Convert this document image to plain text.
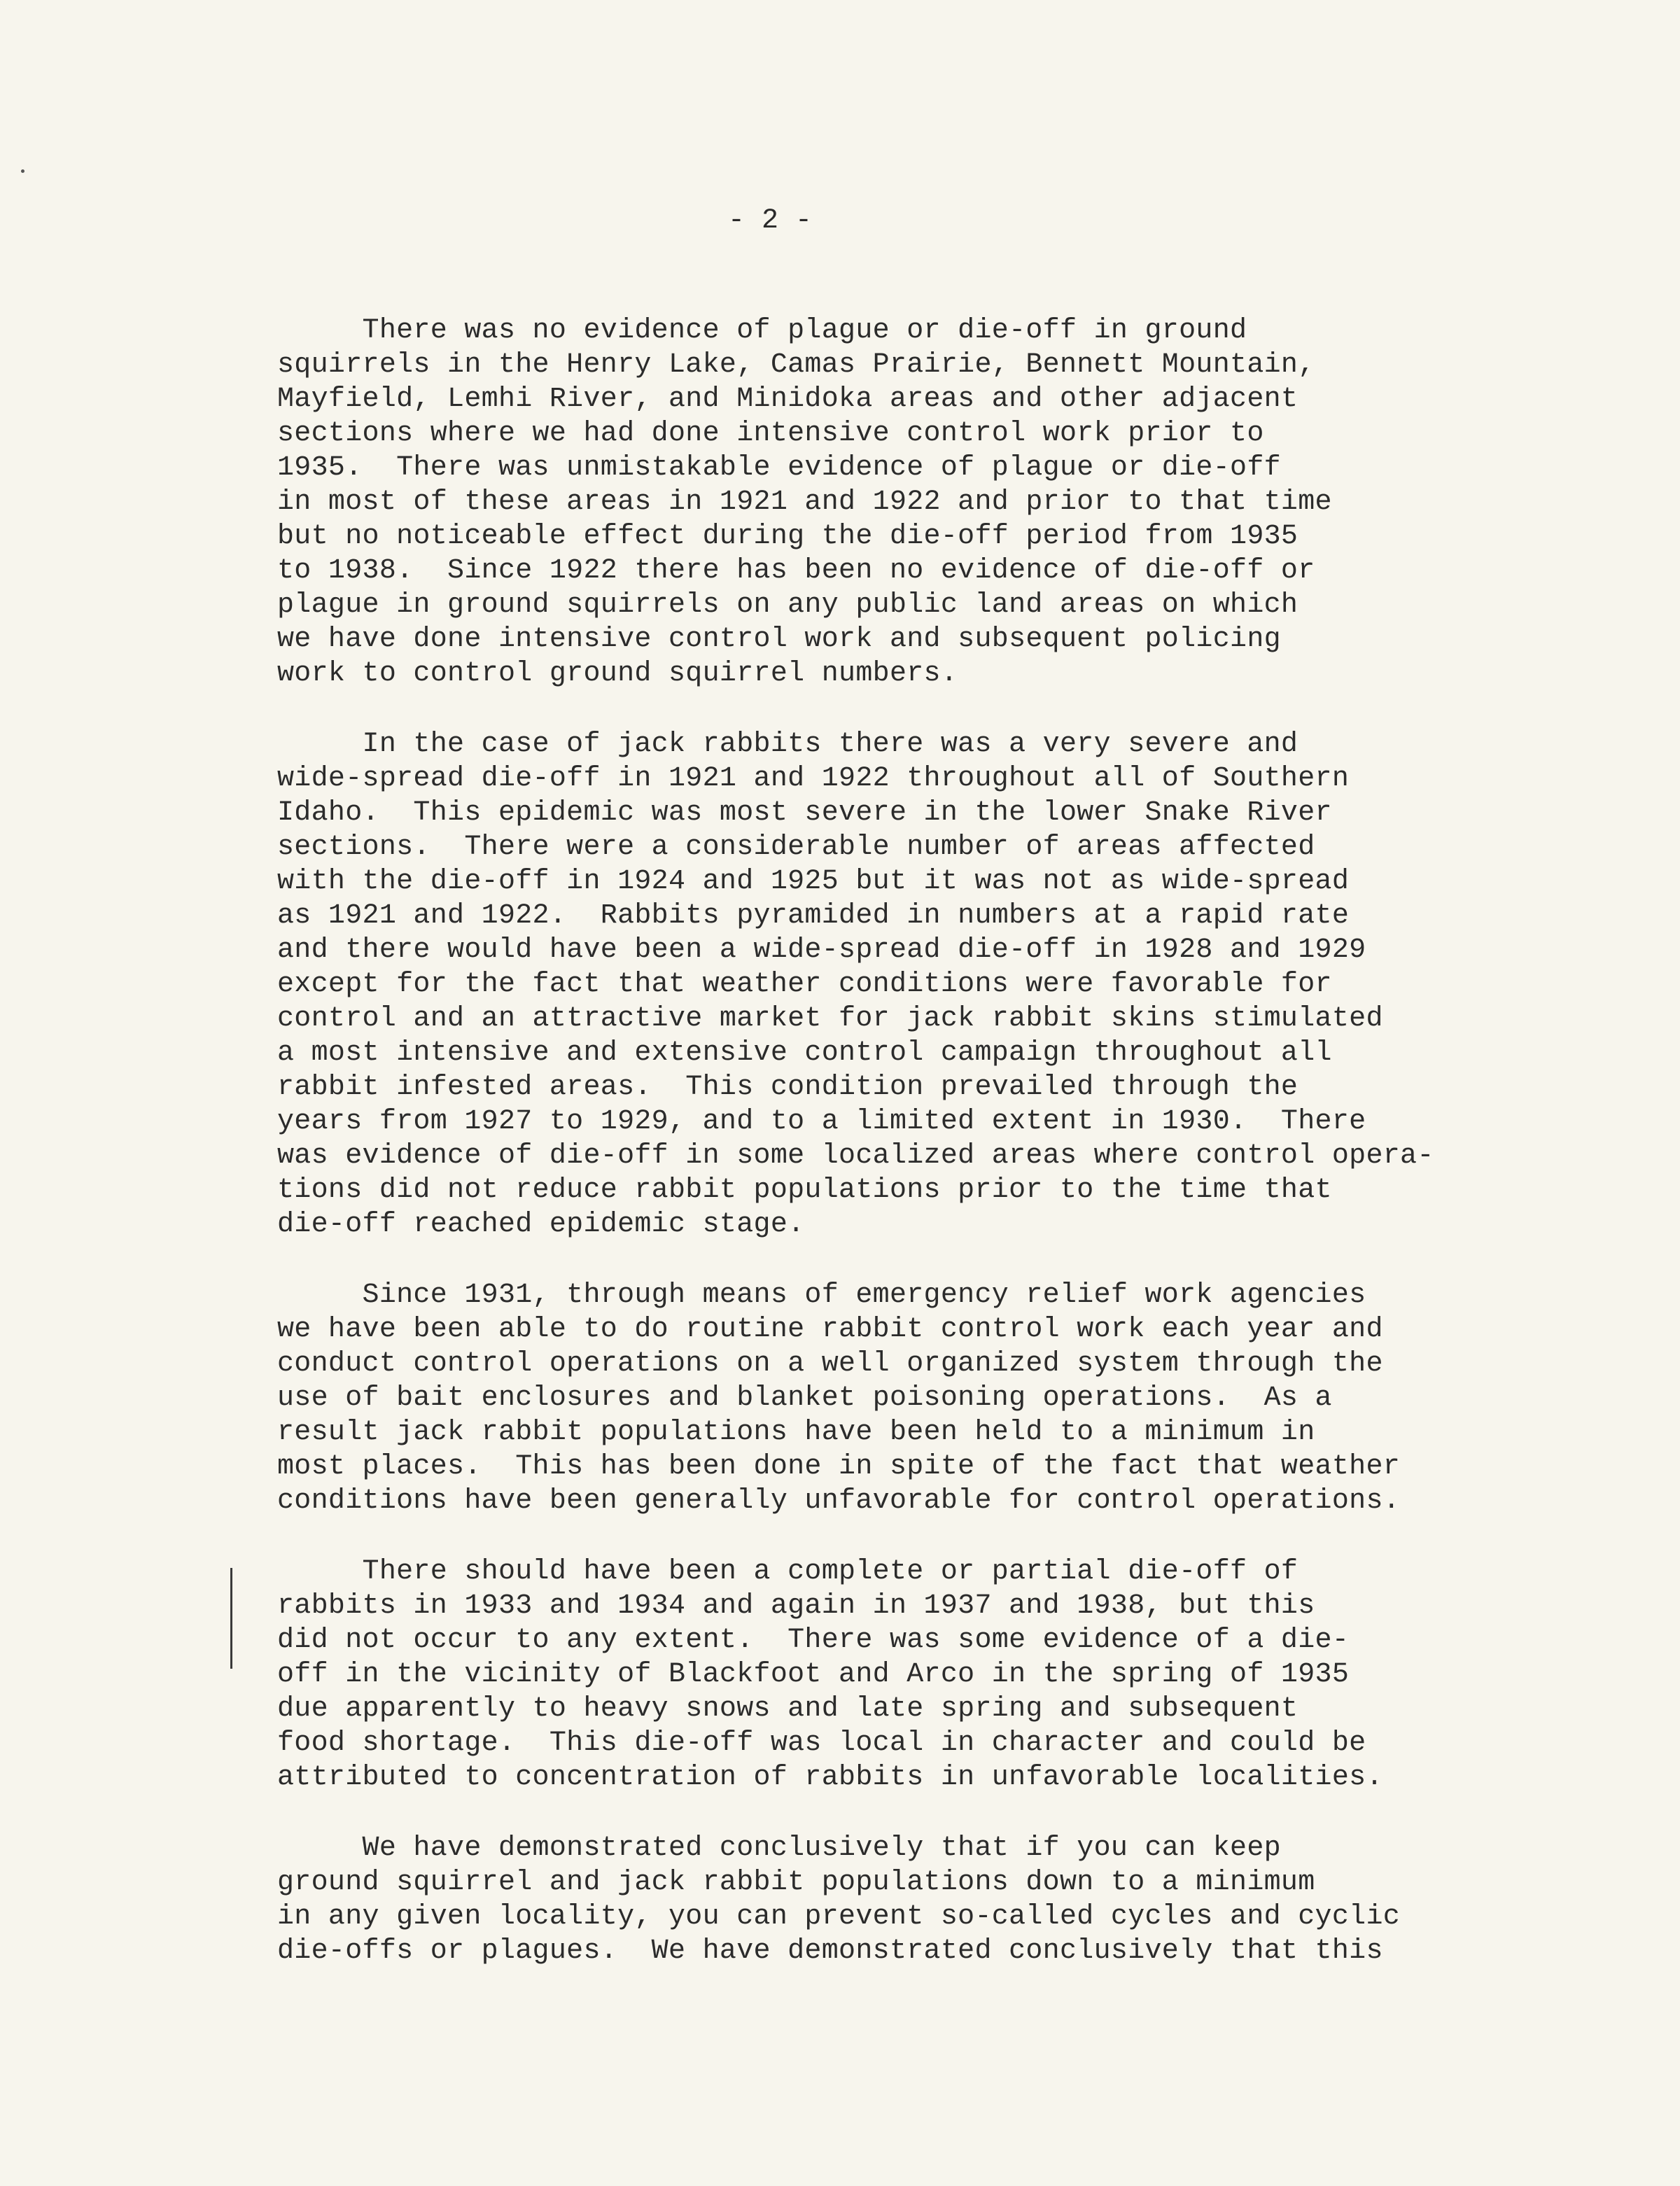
- 2 -
There was no evidence of plague or die-off in ground
squirrels in the Henry Lake, Camas Prairie, Bennett Mountain,
Mayfield, Lemhi River, and Minidoka areas and other adjacent
sections where we had done intensive control work prior to
1935.  There was unmistakable evidence of plague or die-off
in most of these areas in 1921 and 1922 and prior to that time
but no noticeable effect during the die-off period from 1935
to 1938.  Since 1922 there has been no evidence of die-off or
plague in ground squirrels on any public land areas on which
we have done intensive control work and subsequent policing
work to control ground squirrel numbers.
In the case of jack rabbits there was a very severe and
wide-spread die-off in 1921 and 1922 throughout all of Southern
Idaho.  This epidemic was most severe in the lower Snake River
sections.  There were a considerable number of areas affected
with the die-off in 1924 and 1925 but it was not as wide-spread
as 1921 and 1922.  Rabbits pyramided in numbers at a rapid rate
and there would have been a wide-spread die-off in 1928 and 1929
except for the fact that weather conditions were favorable for
control and an attractive market for jack rabbit skins stimulated
a most intensive and extensive control campaign throughout all
rabbit infested areas.  This condition prevailed through the
years from 1927 to 1929, and to a limited extent in 1930.  There
was evidence of die-off in some localized areas where control opera-
tions did not reduce rabbit populations prior to the time that
die-off reached epidemic stage.
Since 1931, through means of emergency relief work agencies
we have been able to do routine rabbit control work each year and
conduct control operations on a well organized system through the
use of bait enclosures and blanket poisoning operations.  As a
result jack rabbit populations have been held to a minimum in
most places.  This has been done in spite of the fact that weather
conditions have been generally unfavorable for control operations.
There should have been a complete or partial die-off of
rabbits in 1933 and 1934 and again in 1937 and 1938, but this
did not occur to any extent.  There was some evidence of a die-
off in the vicinity of Blackfoot and Arco in the spring of 1935
due apparently to heavy snows and late spring and subsequent
food shortage.  This die-off was local in character and could be
attributed to concentration of rabbits in unfavorable localities.
We have demonstrated conclusively that if you can keep
ground squirrel and jack rabbit populations down to a minimum
in any given locality, you can prevent so-called cycles and cyclic
die-offs or plagues.  We have demonstrated conclusively that this
